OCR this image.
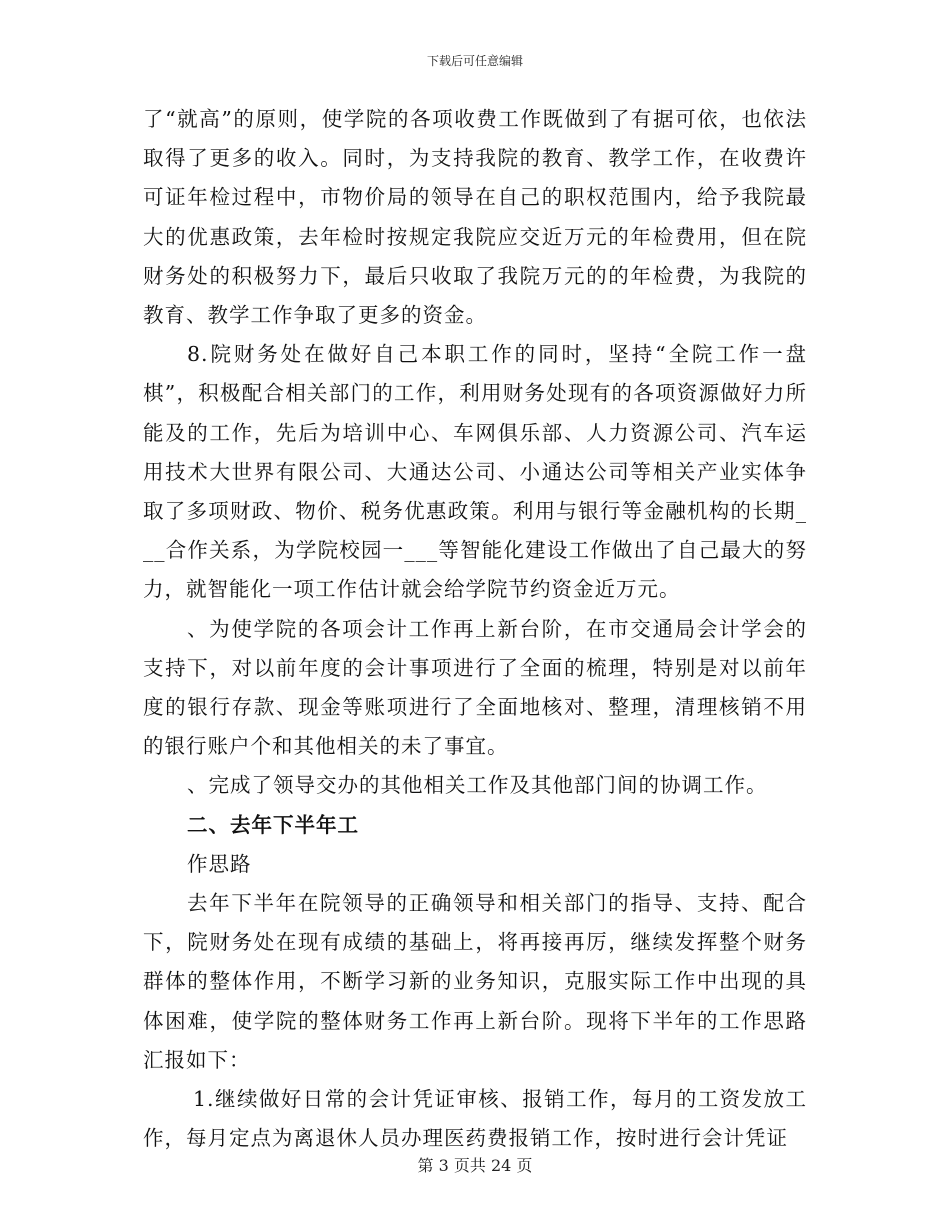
下载后可任意编辑

了“就高”的原则，使学院的各项收费工作既做到了有据可依，也依法取得了更多的收入。同时，为支持我院的教育、教学工作，在收费许可证年检过程中，市物价局的领导在自己的职权范围内，给予我院最大的优惠政策，去年检时按规定我院应交近万元的年检费用，但在院财务处的积极努力下，最后只收取了我院万元的的年检费，为我院的教育、教学工作争取了更多的资金。

8.院财务处在做好自己本职工作的同时，坚持“全院工作一盘棋”，积极配合相关部门的工作，利用财务处现有的各项资源做好力所能及的工作，先后为培训中心、车网俱乐部、人力资源公司、汽车运用技术大世界有限公司、大通达公司、小通达公司等相关产业实体争取了多项财政、物价、税务优惠政策。利用与银行等金融机构的长期___合作关系，为学院校园一___等智能化建设工作做出了自己最大的努力，就智能化一项工作估计就会给学院节约资金近万元。

、为使学院的各项会计工作再上新台阶，在市交通局会计学会的支持下，对以前年度的会计事项进行了全面的梳理，特别是对以前年度的银行存款、现金等账项进行了全面地核对、整理，清理核销不用的银行账户个和其他相关的未了事宜。

、完成了领导交办的其他相关工作及其他部门间的协调工作。

二、去年下半年工

作思路

去年下半年在院领导的正确领导和相关部门的指导、支持、配合下，院财务处在现有成绩的基础上，将再接再厉，继续发挥整个财务群体的整体作用，不断学习新的业务知识，克服实际工作中出现的具体困难，使学院的整体财务工作再上新台阶。现将下半年的工作思路汇报如下：

1.继续做好日常的会计凭证审核、报销工作，每月的工资发放工作，每月定点为离退休人员办理医药费报销工作，按时进行会计凭证

第 3 页共 24 页
